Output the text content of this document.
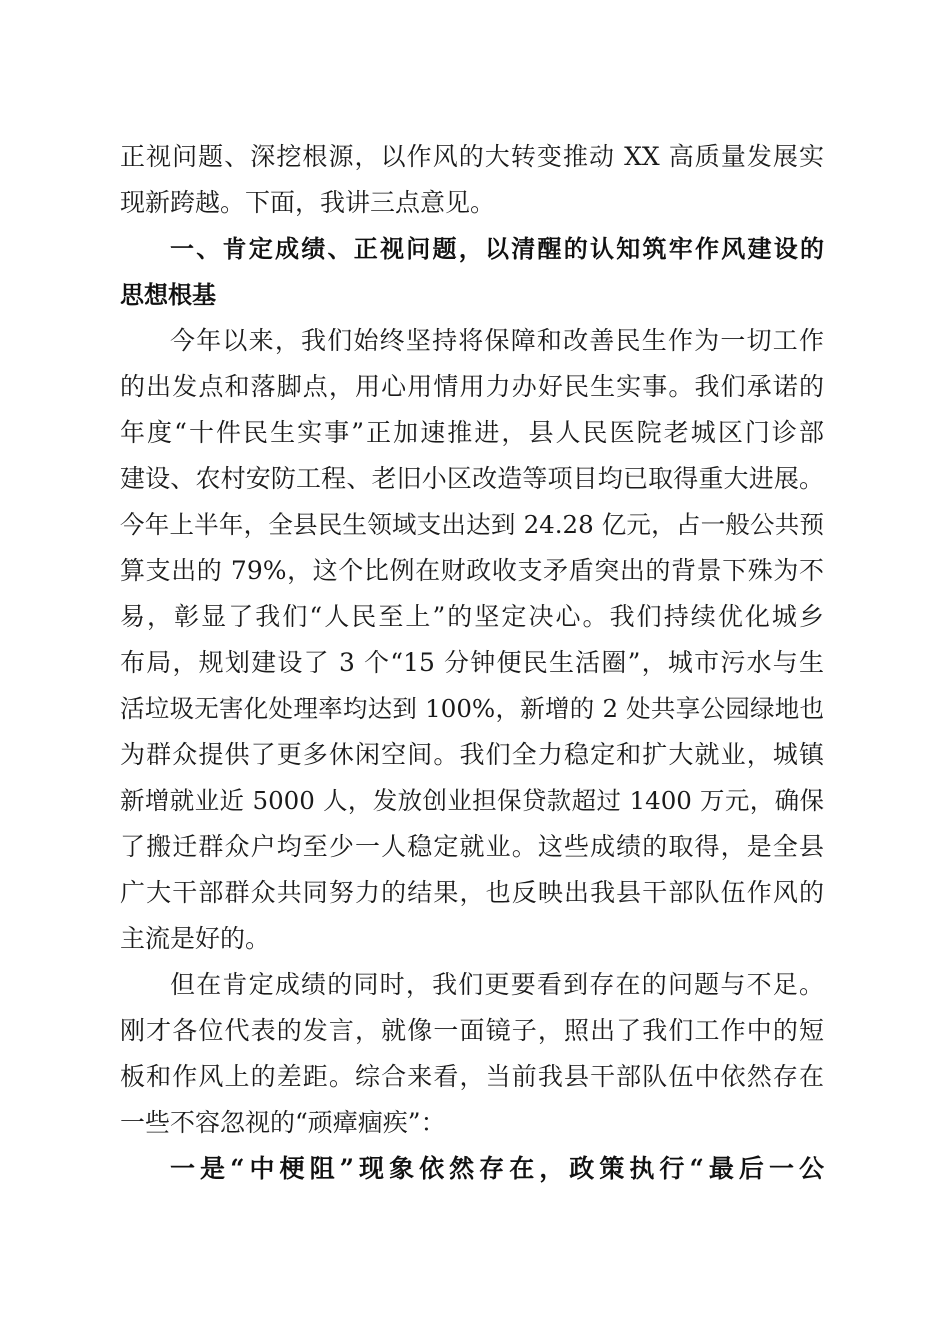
正视问题、深挖根源，以作风的大转变推动 XX 高质量发展实
现新跨越。下面，我讲三点意见。
一、肯定成绩、正视问题，以清醒的认知筑牢作风建设的
思想根基
今年以来，我们始终坚持将保障和改善民生作为一切工作
的出发点和落脚点，用心用情用力办好民生实事。我们承诺的
年度“十件民生实事”正加速推进，县人民医院老城区门诊部
建设、农村安防工程、老旧小区改造等项目均已取得重大进展。
今年上半年，全县民生领域支出达到 24.28 亿元，占一般公共预
算支出的 79%，这个比例在财政收支矛盾突出的背景下殊为不
易，彰显了我们“人民至上”的坚定决心。我们持续优化城乡
布局，规划建设了 3 个“15 分钟便民生活圈”，城市污水与生
活垃圾无害化处理率均达到 100%，新增的 2 处共享公园绿地也
为群众提供了更多休闲空间。我们全力稳定和扩大就业，城镇
新增就业近 5000 人，发放创业担保贷款超过 1400 万元，确保
了搬迁群众户均至少一人稳定就业。这些成绩的取得，是全县
广大干部群众共同努力的结果，也反映出我县干部队伍作风的
主流是好的。
但在肯定成绩的同时，我们更要看到存在的问题与不足。
刚才各位代表的发言，就像一面镜子，照出了我们工作中的短
板和作风上的差距。综合来看，当前我县干部队伍中依然存在
一些不容忽视的“顽瘴痼疾”：
一是“中梗阻”现象依然存在，政策执行“最后一公
